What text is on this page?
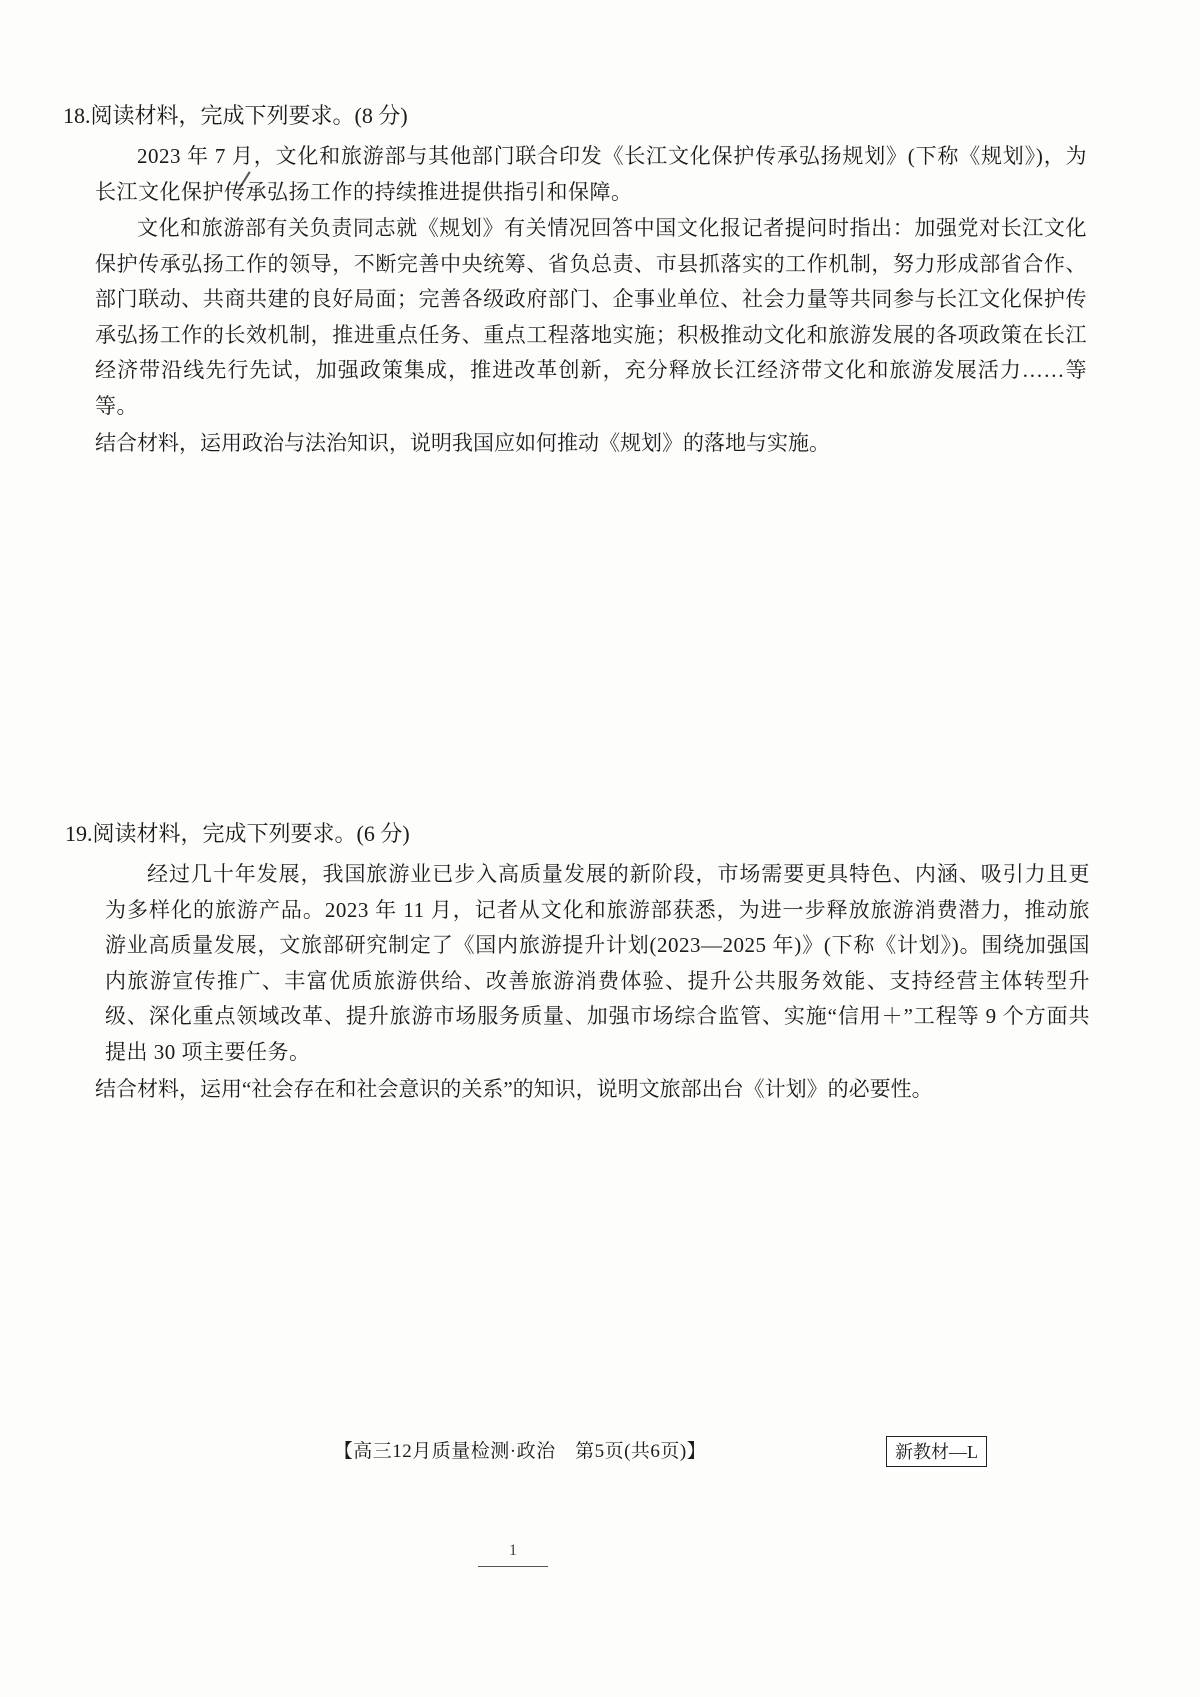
18.阅读材料，完成下列要求。(8 分)
2023 年 7 月，文化和旅游部与其他部门联合印发《长江文化保护传承弘扬规划》(下称《规划》)，为长江文化保护传承弘扬工作的持续推进提供指引和保障。
文化和旅游部有关负责同志就《规划》有关情况回答中国文化报记者提问时指出：加强党对长江文化保护传承弘扬工作的领导，不断完善中央统筹、省负总责、市县抓落实的工作机制，努力形成部省合作、部门联动、共商共建的良好局面；完善各级政府部门、企事业单位、社会力量等共同参与长江文化保护传承弘扬工作的长效机制，推进重点任务、重点工程落地实施；积极推动文化和旅游发展的各项政策在长江经济带沿线先行先试，加强政策集成，推进改革创新，充分释放长江经济带文化和旅游发展活力……等等。
结合材料，运用政治与法治知识，说明我国应如何推动《规划》的落地与实施。
19.阅读材料，完成下列要求。(6 分)
经过几十年发展，我国旅游业已步入高质量发展的新阶段，市场需要更具特色、内涵、吸引力且更为多样化的旅游产品。2023 年 11 月，记者从文化和旅游部获悉，为进一步释放旅游消费潜力，推动旅游业高质量发展，文旅部研究制定了《国内旅游提升计划(2023—2025 年)》(下称《计划》)。围绕加强国内旅游宣传推广、丰富优质旅游供给、改善旅游消费体验、提升公共服务效能、支持经营主体转型升级、深化重点领域改革、提升旅游市场服务质量、加强市场综合监管、实施“信用＋”工程等 9 个方面共提出 30 项主要任务。
结合材料，运用“社会存在和社会意识的关系”的知识，说明文旅部出台《计划》的必要性。
【高三12月质量检测·政治　第5页(共6页)】	新教材—L
1
